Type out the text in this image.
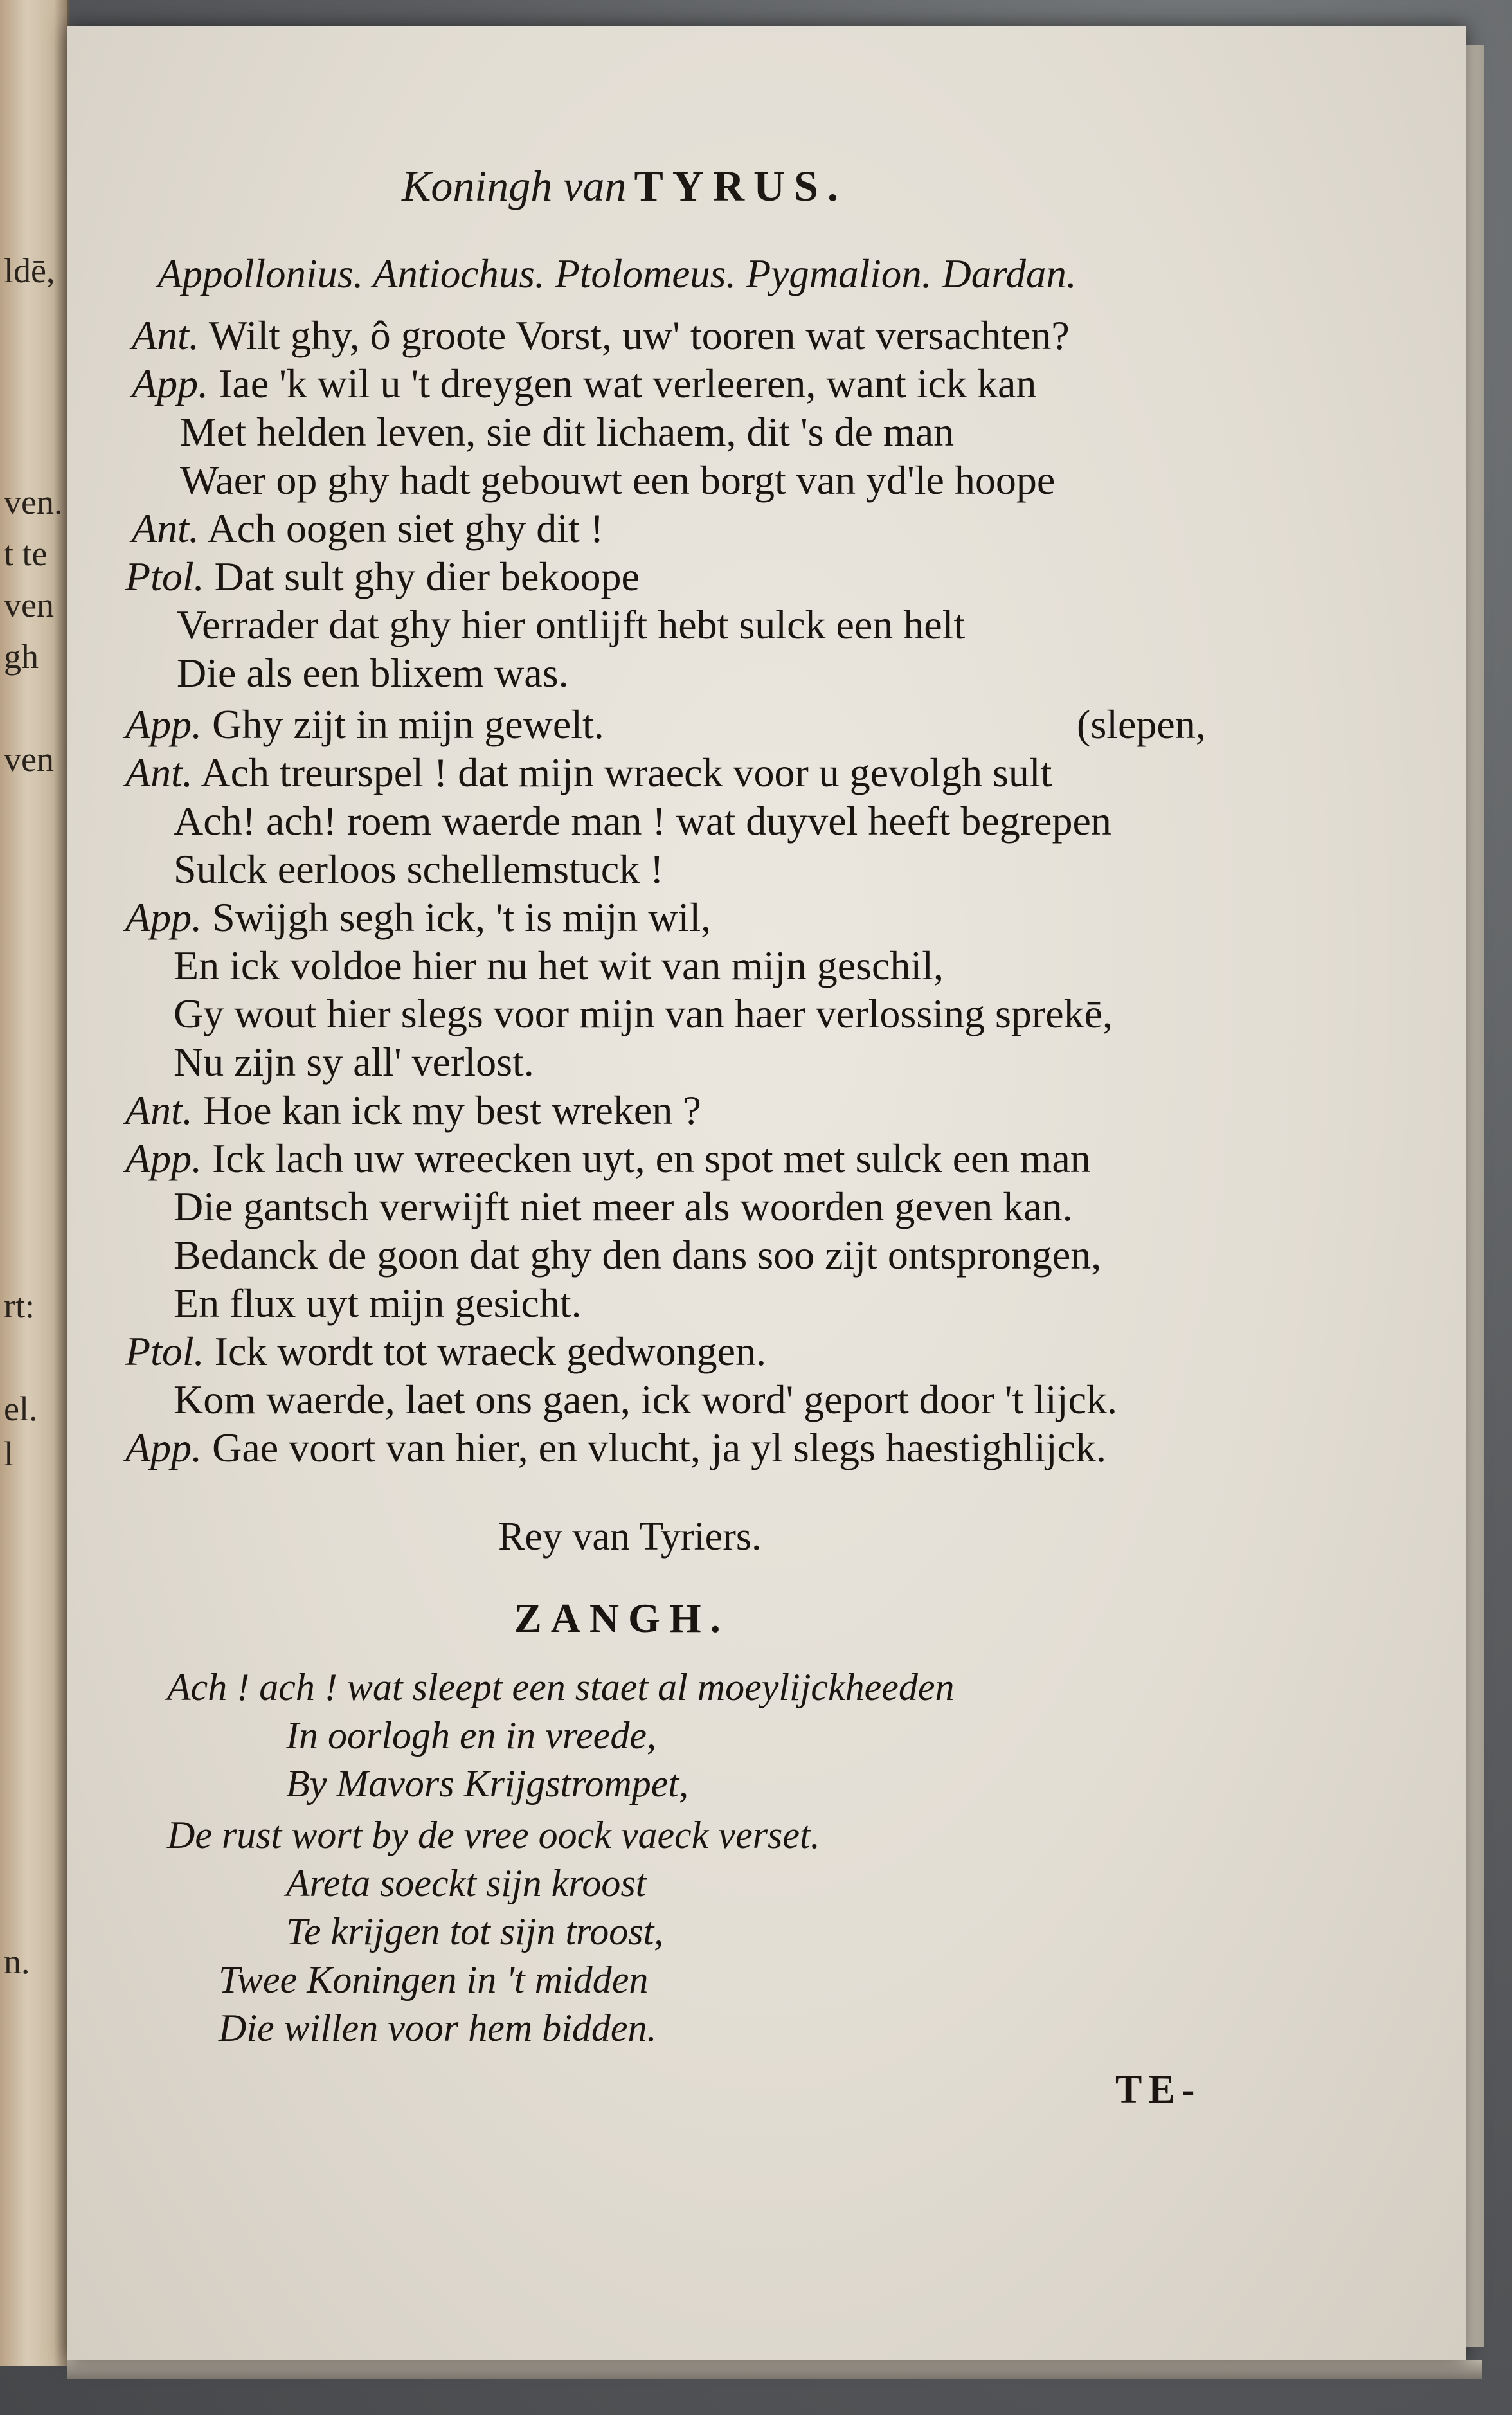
ldē,
ven.
t te
ven
gh
ven
rt:
el.
l
n.
Koningh van TYRUS.
Appollonius. Antiochus. Ptolomeus. Pygmalion. Dardan.
Ant. Wilt ghy, ô groote Vorst, uw' tooren wat versachten?
App. Iae 'k wil u 't dreygen wat verleeren, want ick kan
Met helden leven, sie dit lichaem, dit 's de man
Waer op ghy hadt gebouwt een borgt van yd'le hoope
Ant. Ach oogen siet ghy dit !
Ptol. Dat sult ghy dier bekoope
Verrader dat ghy hier ontlijft hebt sulck een helt
Die als een blixem was.
App. Ghy zijt in mijn gewelt.	(slepen,
Ant. Ach treurspel ! dat mijn wraeck voor u gevolgh sult
Ach! ach! roem waerde man ! wat duyvel heeft begrepen
Sulck eerloos schellemstuck !
App. Swijgh segh ick, 't is mijn wil,
En ick voldoe hier nu het wit van mijn geschil,
Gy wout hier slegs voor mijn van haer verlossing sprekē,
Nu zijn sy all' verlost.
Ant. Hoe kan ick my best wreken ?
App. Ick lach uw wreecken uyt, en spot met sulck een man
Die gantsch verwijft niet meer als woorden geven kan.
Bedanck de goon dat ghy den dans soo zijt ontsprongen,
En flux uyt mijn gesicht.
Ptol. Ick wordt tot wraeck gedwongen.
Kom waerde, laet ons gaen, ick word' geport door 't lijck.
App. Gae voort van hier, en vlucht, ja yl slegs haestighlijck.
Rey van Tyriers.
ZANGH.
Ach ! ach ! wat sleept een staet al moeylijckheeden
In oorlogh en in vreede,
By Mavors Krijgstrompet,
De rust wort by de vree oock vaeck verset.
Areta soeckt sijn kroost
Te krijgen tot sijn troost,
Twee Koningen in 't midden
Die willen voor hem bidden.
TE-
